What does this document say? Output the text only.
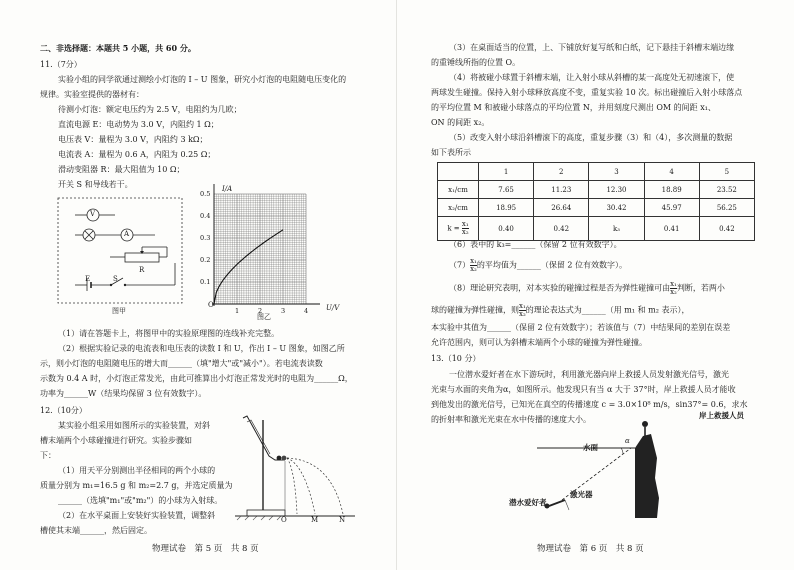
二、非选择题：本题共 5 小题，共 60 分。
11.（7分）
实验小组的同学欲通过测绘小灯泡的 I – U 图象，研究小灯泡的电阻随电压变化的
规律。实验室提供的器材有：
待测小灯泡：额定电压约为 2.5 V，电阻约为几欧；
直流电源 E：电动势为 3.0 V，内阻约 1 Ω；
电压表 V：量程为 3.0 V，内阻约 3 kΩ；
电流表 A：量程为 0.6 A，内阻为 0.25 Ω；
滑动变阻器 R：最大阻值为 10 Ω；
开关 S 和导线若干。
V
A
R
E	S
图甲
I/A
U/V
O
图乙
（1）请在答题卡上，将图甲中的实验原理图的连线补充完整。
（2）根据实验记录的电流表和电压表的读数 I 和 U，作出 I – U 图象，如图乙所
示，则小灯泡的电阻随电压的增大而______（填"增大"或"减小"）。若电流表读数
示数为 0.4 A 时，小灯泡正常发光，由此可推算出小灯泡正常发光时的电阻为______Ω，
功率为______W（结果均保留 3 位有效数字）。
12.（10分）
某实验小组采用如图所示的实验装置，对斜
槽末端两个小球碰撞进行研究。实验步骤如
下：
（1）用天平分别测出半径相同的两个小球的
质量分别为 m₁=16.5 g 和 m₂=2.7 g，并选定质量为
______（选填"m₁"或"m₂"）的小球为入射球。
（2）在水平桌面上安装好实验装置，调整斜
槽使其末端______，然后固定。
O	M	N
物理试卷　第 5 页　共 8 页
0.1
0.2
0.3
0.4
0.5
1	2	3	4
（3）在桌面适当的位置，上、下铺放好复写纸和白纸，记下悬挂于斜槽末端边缘
的重锤线所指的位置 O。
（4）将被碰小球置于斜槽末端，让入射小球从斜槽的某一高度处无初速滚下，使
两球发生碰撞。保持入射小球释放高度不变，重复实验 10 次。标出碰撞后入射小球落点
的平均位置 M 和被碰小球落点的平均位置 N，并用刻度尺测出 OM 的间距 x₁、
ON 的间距 x₂。
（5）改变入射小球沿斜槽滚下的高度，重复步骤（3）和（4），多次测量的数据
如下表所示
	1	2	3	4	5
x₁/cm	7.65	11.23	12.30	18.89	23.52
x₂/cm	18.95	26.64	30.42	45.97	56.25
$k = \frac{\text{x₁}}{\text{x₂}}$	0.40	0.42	k₃	0.41	0.42
（6）表中的 k₃=______（保留 2 位有效数字）。
$(7) \frac{\text{x₁}}{\text{x₂}}$ 的平均值为______（保留 2 位有效数字）。
（8）理论研究表明，对本实验的碰撞过程是否为弹性碰撞可由 $\frac{\text{x₁}}{\text{x₂}}$ 判断，若两小
球的碰撞为弹性碰撞，则 $\frac{\text{x₁}}{\text{x₂}}$ 的理论表达式为______（用 m₁ 和 m₂ 表示），
本实验中其值为______（保留 2 位有效数字）；若该值与（7）中结果间的差别在误差
允许范围内，则可认为斜槽末端两个小球的碰撞为弹性碰撞。
13.（10 分）
一位潜水爱好者在水下游玩时，利用激光器向岸上救援人员发射激光信号，激光
光束与水面的夹角为α，如图所示。他发现只有当 α 大于 37°时，岸上救援人员才能收
到他发出的激光信号，已知光在真空的传播速度 c = 3.0×10⁸ m/s，sin37°= 0.6，求水
的折射率和激光光束在水中传播的速度大小。	岸上救援人员
水面
α
潜水爱好者
激光器
物理试卷　第 6 页　共 8 页
